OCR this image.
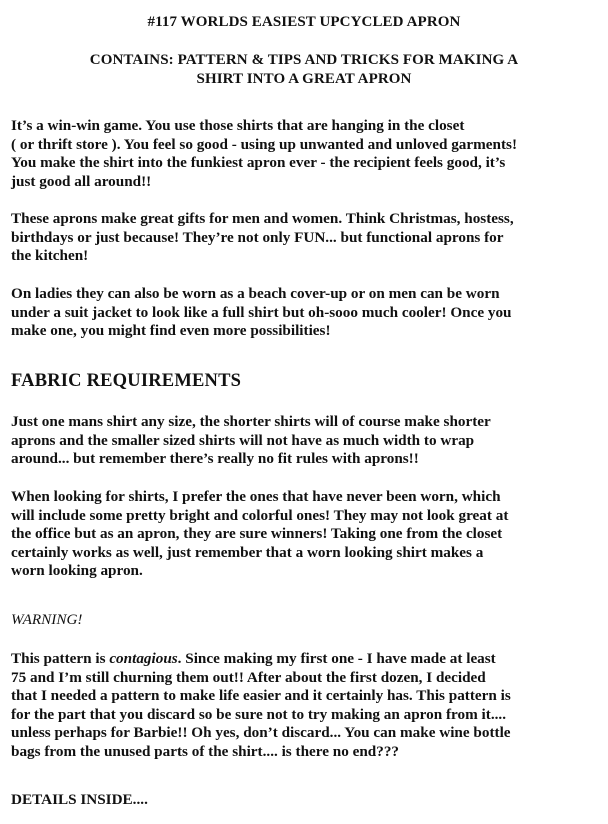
#117 WORLDS EASIEST UPCYCLED APRON
CONTAINS: PATTERN & TIPS AND TRICKS FOR MAKING A
SHIRT INTO A GREAT APRON
It’s a win-win game. You use those shirts that are hanging in the closet
( or thrift store ). You feel so good - using up unwanted and unloved garments!
You make the shirt into the funkiest apron ever - the recipient feels good, it’s
just good all around!!
These aprons make great gifts for men and women. Think Christmas, hostess,
birthdays or just because! They’re not only FUN... but functional aprons for
the kitchen!
On ladies they can also be worn as a beach cover-up or on men can be worn
under a suit jacket to look like a full shirt but oh-sooo much cooler! Once you
make one, you might find even more possibilities!
FABRIC REQUIREMENTS
Just one mans shirt any size, the shorter shirts will of course make shorter
aprons and the smaller sized shirts will not have as much width to wrap
around... but remember there’s really no fit rules with aprons!!
When looking for shirts, I prefer the ones that have never been worn, which
will include some pretty bright and colorful ones! They may not look great at
the office but as an apron, they are sure winners! Taking one from the closet
certainly works as well, just remember that a worn looking shirt makes a
worn looking apron.
WARNING!
This pattern is contagious. Since making my first one - I have made at least
75 and I’m still churning them out!! After about the first dozen, I decided
that I needed a pattern to make life easier and it certainly has. This pattern is
for the part that you discard so be sure not to try making an apron from it....
unless perhaps for Barbie!! Oh yes, don’t discard... You can make wine bottle
bags from the unused parts of the shirt.... is there no end???
DETAILS INSIDE....
